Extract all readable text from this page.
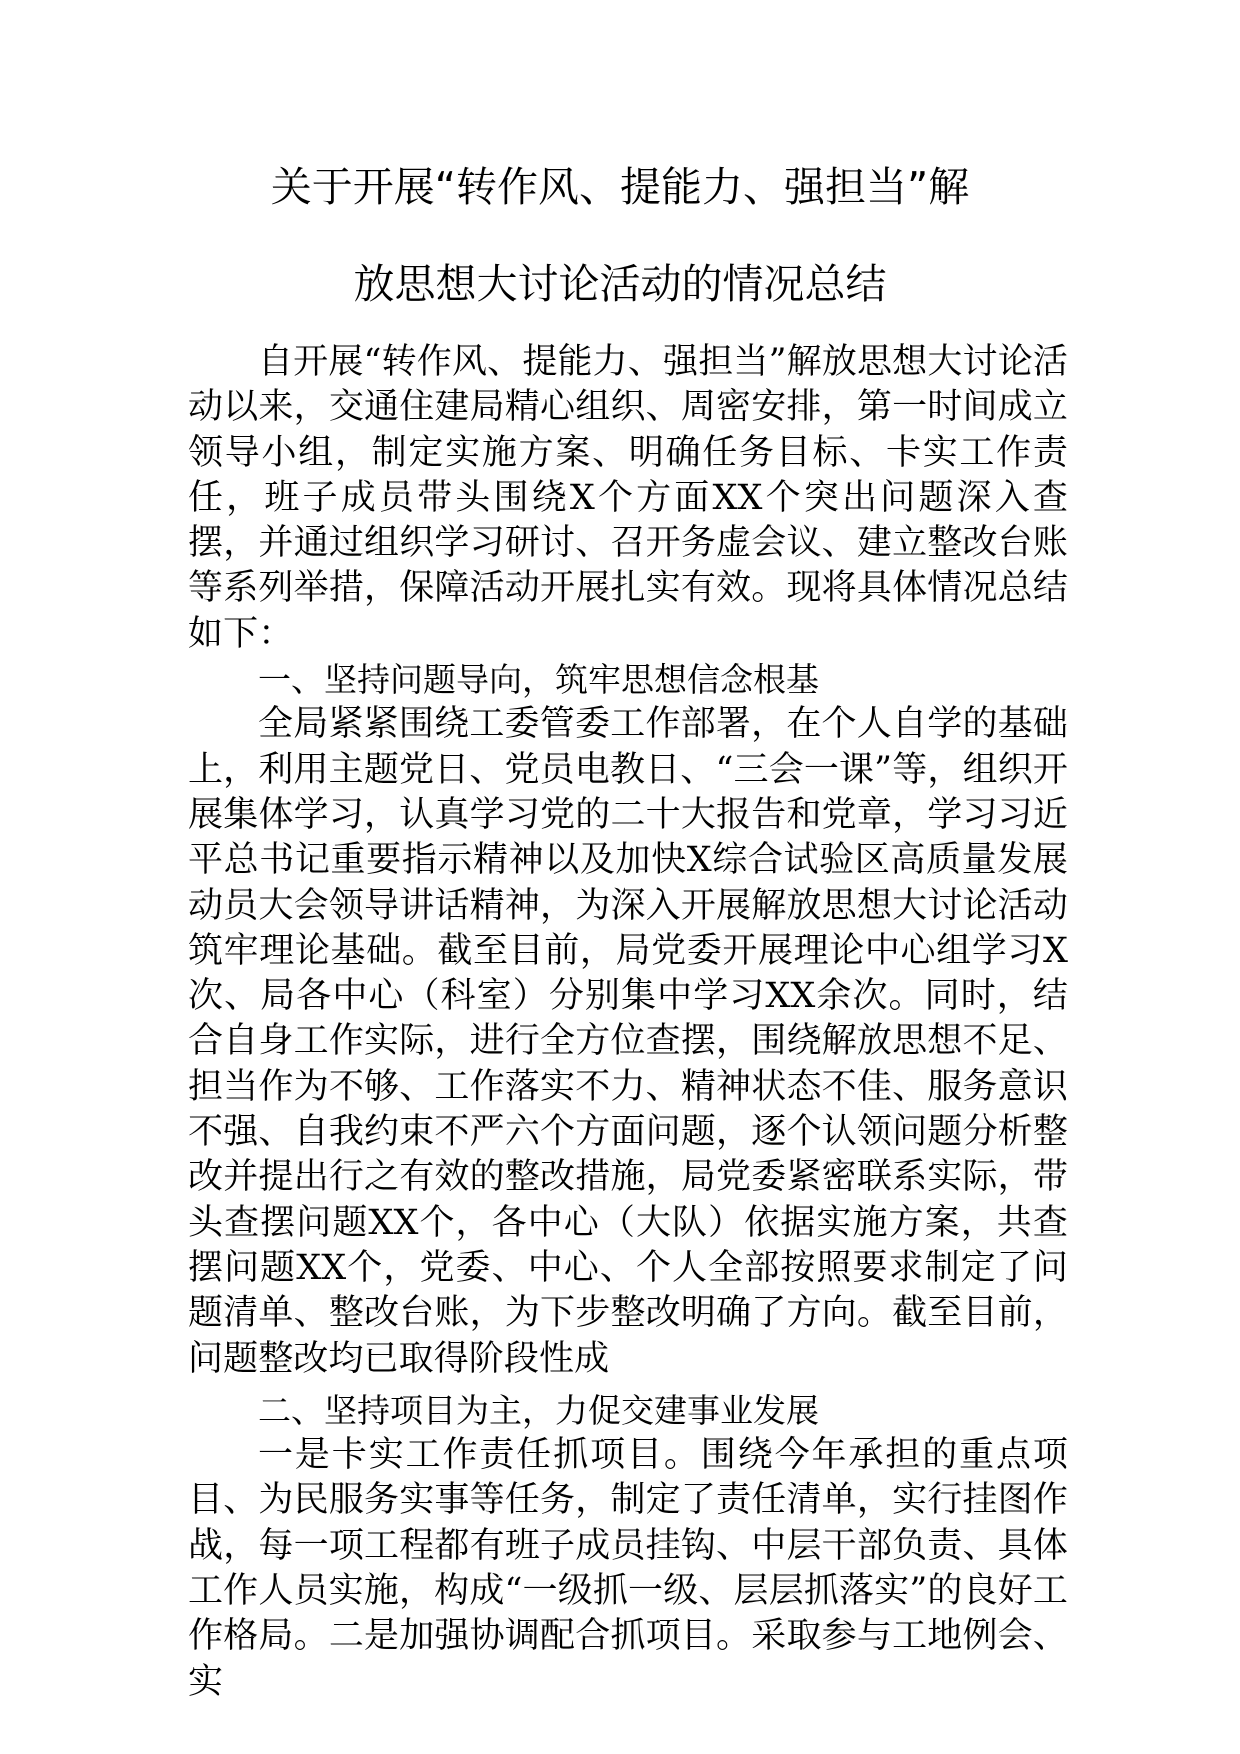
关于开展“转作风、提能力、强担当”解
放思想大讨论活动的情况总结

自开展“转作风、提能力、强担当”解放思想大讨论活动以来，交通住建局精心组织、周密安排，第一时间成立领导小组，制定实施方案、明确任务目标、卡实工作责任，班子成员带头围绕X个方面XX个突出问题深入查摆，并通过组织学习研讨、召开务虚会议、建立整改台账等系列举措，保障活动开展扎实有效。现将具体情况总结如下：

一、坚持问题导向，筑牢思想信念根基

全局紧紧围绕工委管委工作部署，在个人自学的基础上，利用主题党日、党员电教日、“三会一课”等，组织开展集体学习，认真学习党的二十大报告和党章，学习习近平总书记重要指示精神以及加快X综合试验区高质量发展动员大会领导讲话精神，为深入开展解放思想大讨论活动筑牢理论基础。截至目前，局党委开展理论中心组学习X次、局各中心（科室）分别集中学习XX余次。同时，结合自身工作实际，进行全方位查摆，围绕解放思想不足、担当作为不够、工作落实不力、精神状态不佳、服务意识不强、自我约束不严六个方面问题，逐个认领问题分析整改并提出行之有效的整改措施，局党委紧密联系实际，带头查摆问题XX个，各中心（大队）依据实施方案，共查摆问题XX个，党委、中心、个人全部按照要求制定了问题清单、整改台账，为下步整改明确了方向。截至目前，问题整改均已取得阶段性成

二、坚持项目为主，力促交建事业发展

一是卡实工作责任抓项目。围绕今年承担的重点项目、为民服务实事等任务，制定了责任清单，实行挂图作战，每一项工程都有班子成员挂钩、中层干部负责、具体工作人员实施，构成“一级抓一级、层层抓落实”的良好工作格局。二是加强协调配合抓项目。采取参与工地例会、实
